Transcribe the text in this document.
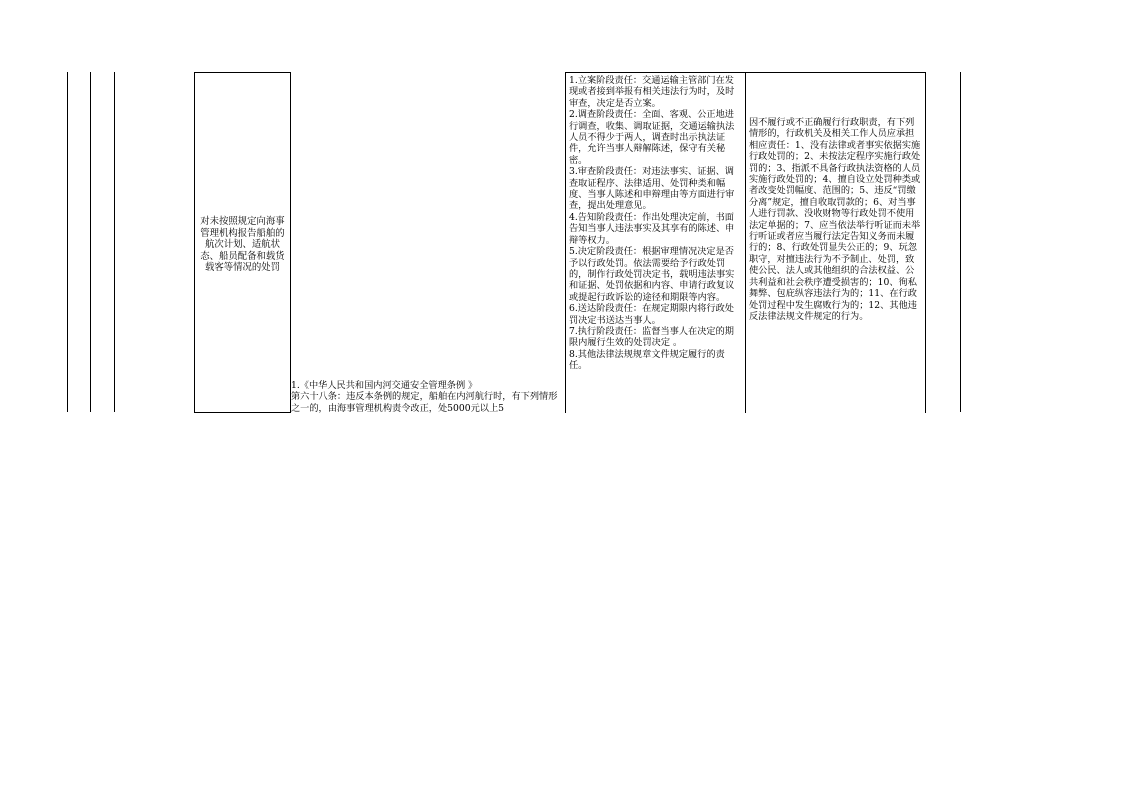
对未按照规定向海事管理机构报告船舶的航次计划、适航状态、船员配备和载货载客等情况的处罚
1.《中华人民共和国内河交通安全管理条例 》
第六十八条：违反本条例的规定，船舶在内河航行时，有下列情形之一的，由海事管理机构责令改正，处5000元以上5
1.立案阶段责任：交通运输主管部门在发现或者接到举报有相关违法行为时，及时审查，决定是否立案。
2.调查阶段责任：全面、客观、公正地进行调查，收集、调取证据，交通运输执法人员不得少于两人，调查时出示执法证件，允许当事人辩解陈述，保守有关秘密。
3.审查阶段责任：对违法事实、证据、调查取证程序、法律适用、处罚种类和幅度、当事人陈述和申辩理由等方面进行审查，提出处理意见。
4.告知阶段责任：作出处理决定前，书面告知当事人违法事实及其享有的陈述、申辩等权力。
5.决定阶段责任：根据审理情况决定是否予以行政处罚。依法需要给予行政处罚的，制作行政处罚决定书，载明违法事实和证据、处罚依据和内容、申请行政复议或提起行政诉讼的途径和期限等内容。
6.送达阶段责任：在规定期限内将行政处罚决定书送达当事人。
7.执行阶段责任：监督当事人在决定的期限内履行生效的处罚决定 。
8.其他法律法规规章文件规定履行的责任。
因不履行或不正确履行行政职责，有下列情形的，行政机关及相关工作人员应承担相应责任：1、没有法律或者事实依据实施行政处罚的；2、未按法定程序实施行政处罚的；3、指派不具备行政执法资格的人员实施行政处罚的；4、擅自设立处罚种类或者改变处罚幅度、范围的；5、违反“罚缴分离”规定，擅自收取罚款的；6、对当事人进行罚款、没收财物等行政处罚不使用法定单据的；7、应当依法举行听证而未举行听证或者应当履行法定告知义务而未履行的；8、行政处罚显失公正的；9、玩忽职守，对擅违法行为不予制止、处罚，致使公民、法人或其他组织的合法权益、公共利益和社会秩序遭受损害的；10、徇私舞弊、包庇纵容违法行为的；11、在行政处罚过程中发生腐败行为的；12、其他违反法律法规文件规定的行为。
